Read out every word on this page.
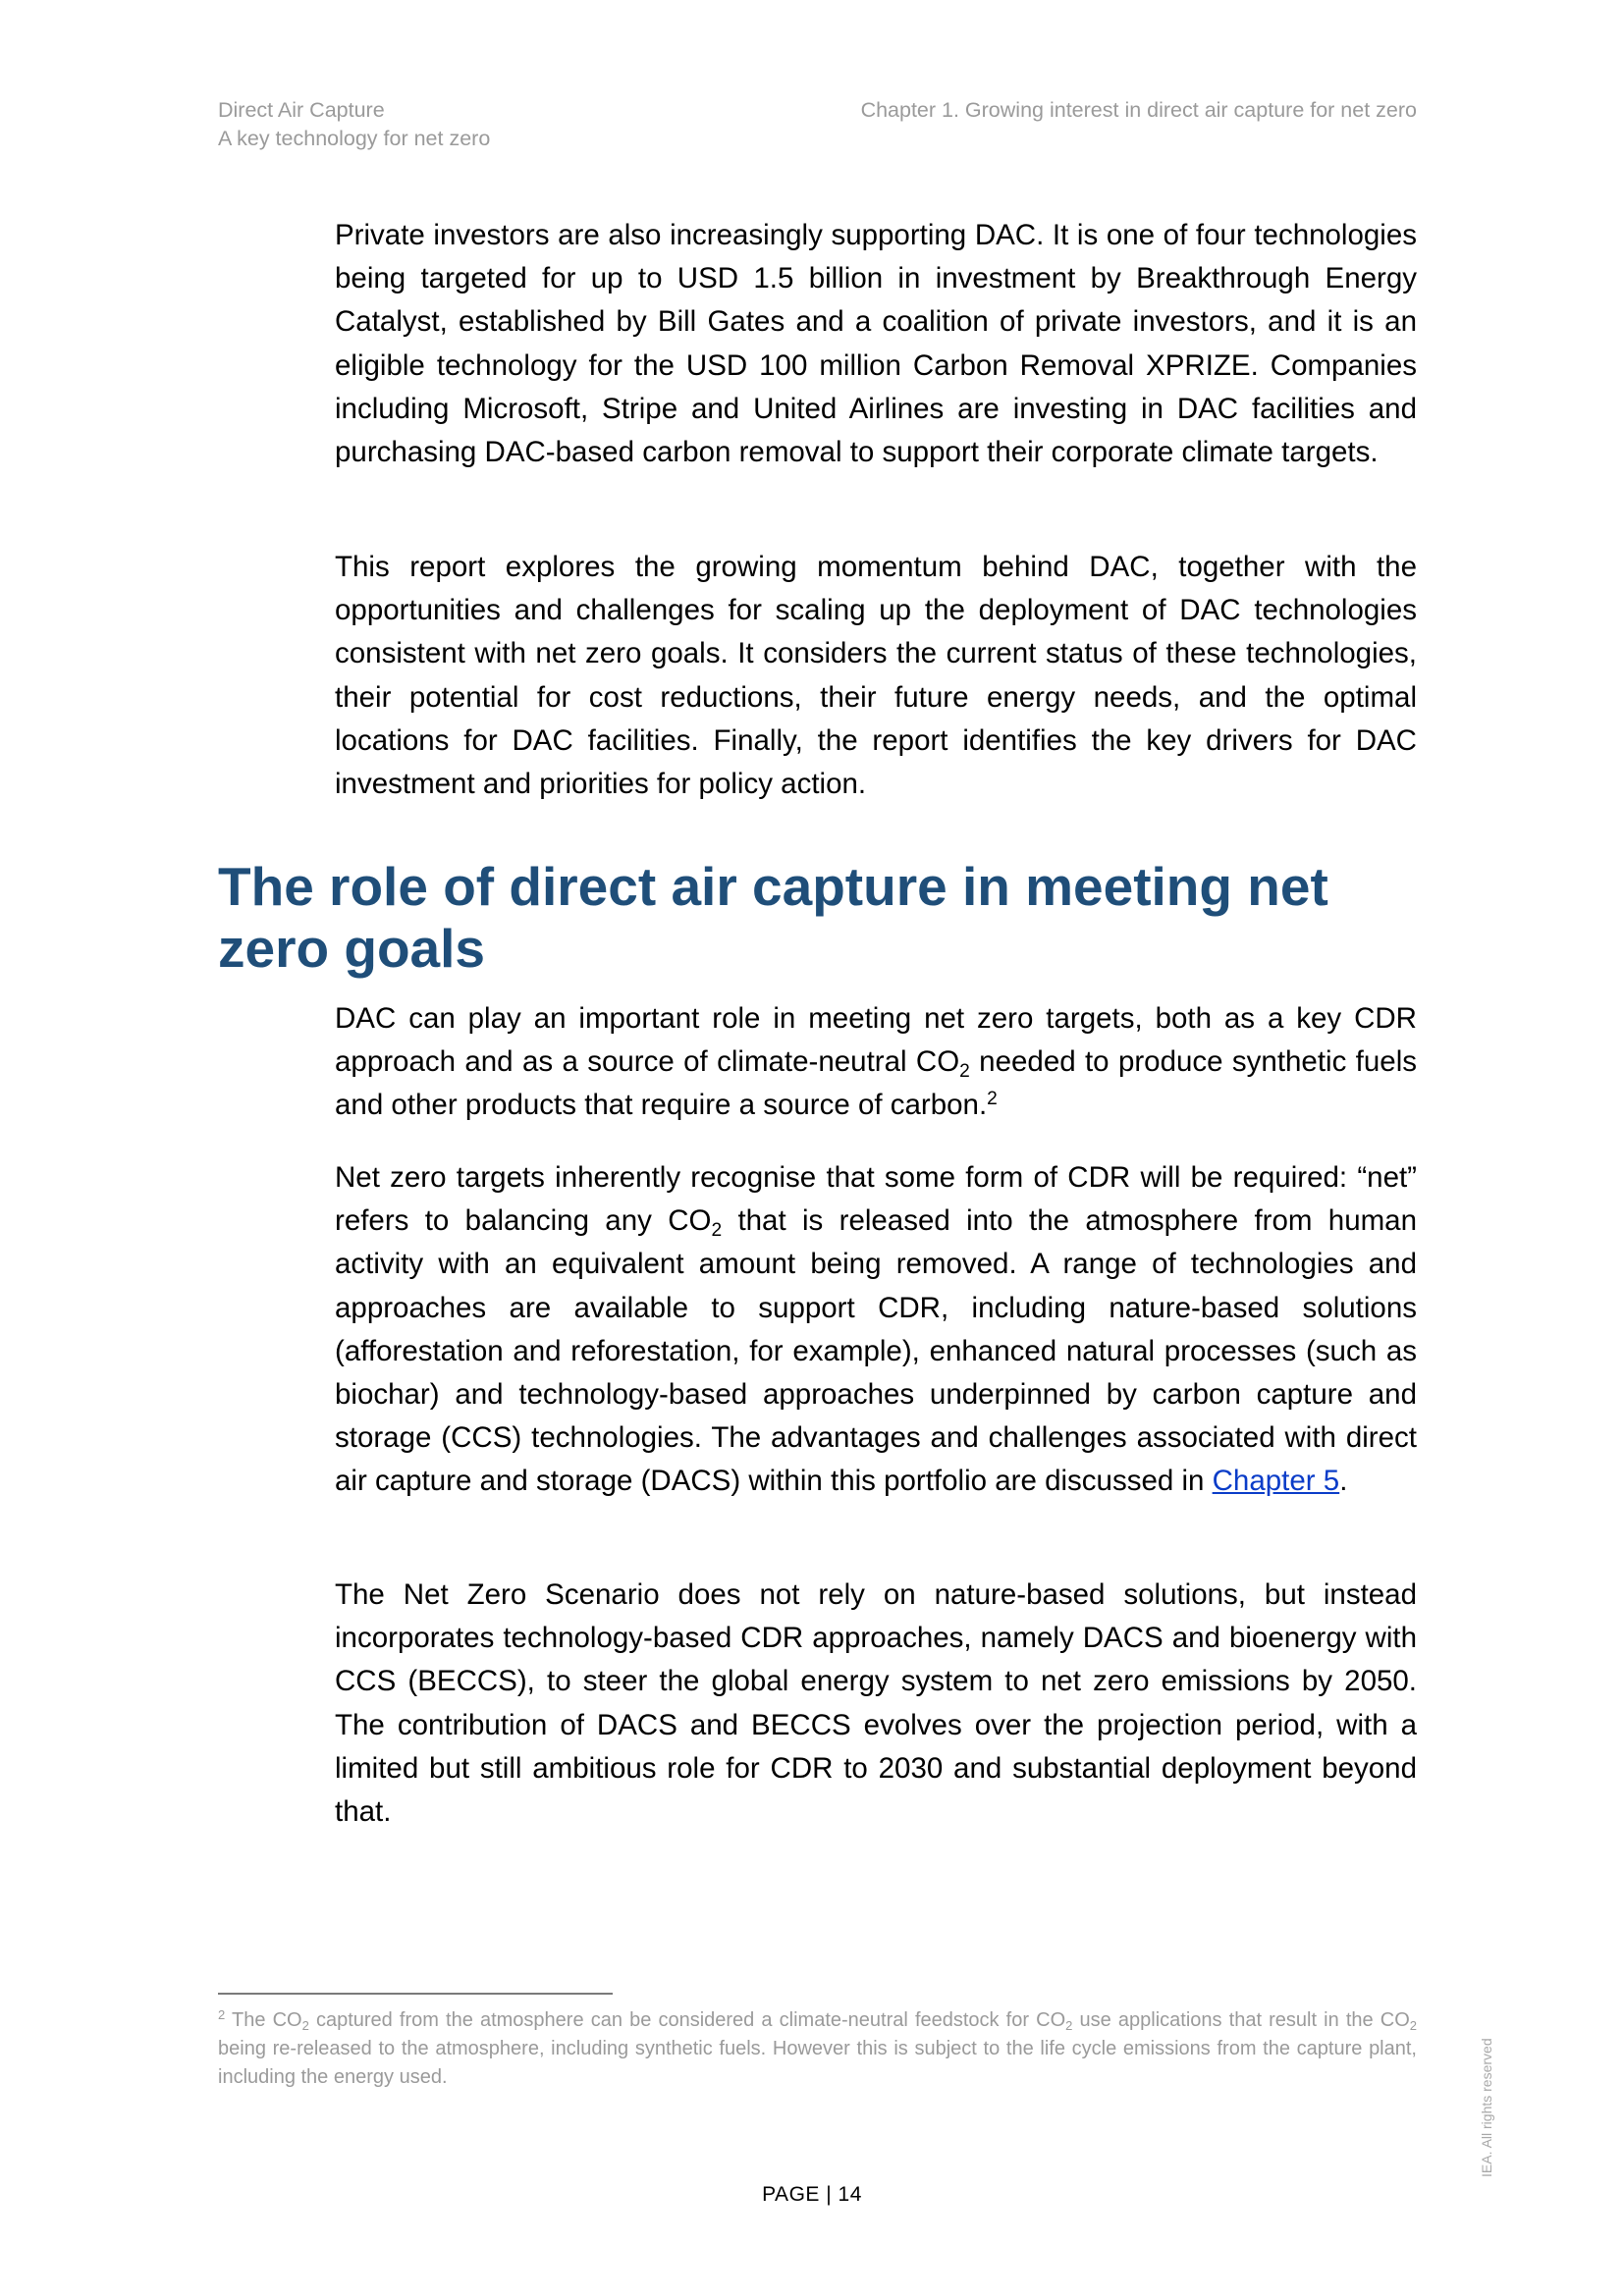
Direct Air Capture
A key technology for net zero
Chapter 1. Growing interest in direct air capture for net zero

Private investors are also increasingly supporting DAC. It is one of four technologies being targeted for up to USD 1.5 billion in investment by Breakthrough Energy Catalyst, established by Bill Gates and a coalition of private investors, and it is an eligible technology for the USD 100 million Carbon Removal XPRIZE. Companies including Microsoft, Stripe and United Airlines are investing in DAC facilities and purchasing DAC-based carbon removal to support their corporate climate targets.

This report explores the growing momentum behind DAC, together with the opportunities and challenges for scaling up the deployment of DAC technologies consistent with net zero goals. It considers the current status of these technologies, their potential for cost reductions, their future energy needs, and the optimal locations for DAC facilities. Finally, the report identifies the key drivers for DAC investment and priorities for policy action.

The role of direct air capture in meeting net zero goals

DAC can play an important role in meeting net zero targets, both as a key CDR approach and as a source of climate-neutral $CO_2$ needed to produce synthetic fuels and other products that require a source of carbon.$^2$

Net zero targets inherently recognise that some form of CDR will be required: “net” refers to balancing any $CO_2$ that is released into the atmosphere from human activity with an equivalent amount being removed. A range of technologies and approaches are available to support CDR, including nature-based solutions (afforestation and reforestation, for example), enhanced natural processes (such as biochar) and technology-based approaches underpinned by carbon capture and storage (CCS) technologies. The advantages and challenges associated with direct air capture and storage (DACS) within this portfolio are discussed in Chapter 5.

The Net Zero Scenario does not rely on nature-based solutions, but instead incorporates technology-based CDR approaches, namely DACS and bioenergy with CCS (BECCS), to steer the global energy system to net zero emissions by 2050. The contribution of DACS and BECCS evolves over the projection period, with a limited but still ambitious role for CDR to 2030 and substantial deployment beyond that.

$^2$ The $CO_2$ captured from the atmosphere can be considered a climate-neutral feedstock for $CO_2$ use applications that result in the $CO_2$ being re-released to the atmosphere, including synthetic fuels. However this is subject to the life cycle emissions from the capture plant, including the energy used.

PAGE | 14
IEA. All rights reserved
